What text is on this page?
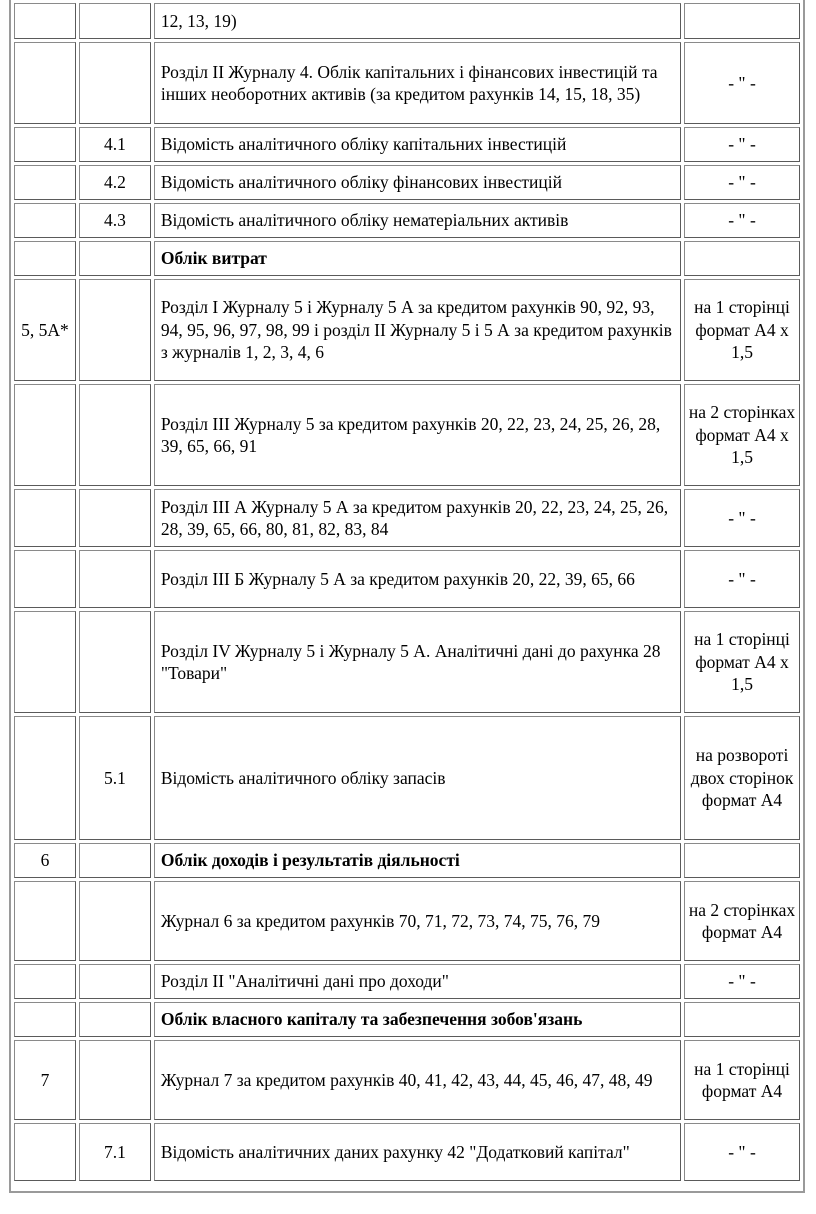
		12, 13, 19)	
		Розділ II Журналу 4. Облік капітальних і фінансових інвестицій та інших необоротних активів (за кредитом рахунків 14, 15, 18, 35)	- " -
	4.1	Відомість аналітичного обліку капітальних інвестицій	- " -
	4.2	Відомість аналітичного обліку фінансових інвестицій	- " -
	4.3	Відомість аналітичного обліку нематеріальних активів	- " -
		Облік витрат	
5, 5А*		Розділ I Журналу 5 і Журналу 5 А за кредитом рахунків 90, 92, 93, 94, 95, 96, 97, 98, 99 і розділ II Журналу 5 і 5 А за кредитом рахунків з журналів 1, 2, 3, 4, 6	на 1 сторінці формат А4 х 1,5
		Розділ III Журналу 5 за кредитом рахунків 20, 22, 23, 24, 25, 26, 28, 39, 65, 66, 91	на 2 сторінках формат А4 х 1,5
		Розділ III А Журналу 5 А за кредитом рахунків 20, 22, 23, 24, 25, 26, 28, 39, 65, 66, 80, 81, 82, 83, 84	- " -
		Розділ III Б Журналу 5 А за кредитом рахунків 20, 22, 39, 65, 66	- " -
		Розділ IV Журналу 5 і Журналу 5 А. Аналітичні дані до рахунка 28 "Товари"	на 1 сторінці формат А4 х 1,5
	5.1	Відомість аналітичного обліку запасів	на розвороті двох сторінок формат А4
6		Облік доходів і результатів діяльності	
		Журнал 6 за кредитом рахунків 70, 71, 72, 73, 74, 75, 76, 79	на 2 сторінках формат А4
		Розділ II "Аналітичні дані про доходи"	- " -
		Облік власного капіталу та забезпечення зобов'язань	
7		Журнал 7 за кредитом рахунків 40, 41, 42, 43, 44, 45, 46, 47, 48, 49	на 1 сторінці формат А4
	7.1	Відомість аналітичних даних рахунку 42 "Додатковий капітал"	- " -
